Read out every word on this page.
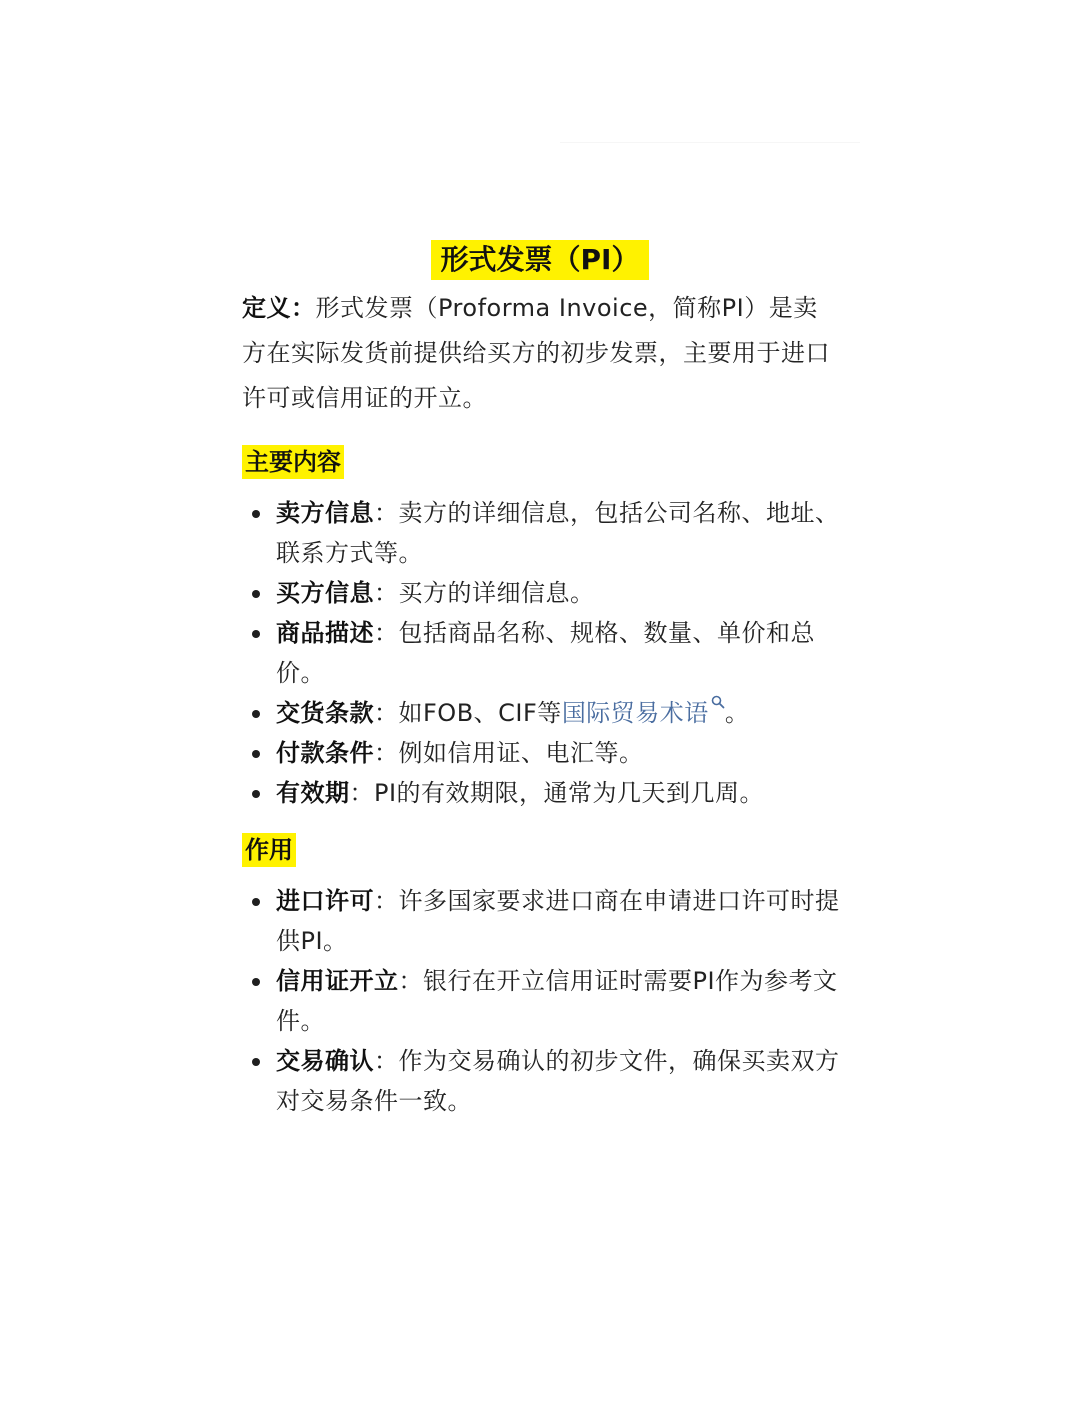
形式发票（PI）

定义：形式发票（Proforma Invoice，简称PI）是卖方在实际发货前提供给买方的初步发票，主要用于进口许可或信用证的开立。

主要内容
卖方信息：卖方的详细信息，包括公司名称、地址、联系方式等。
买方信息：买方的详细信息。
商品描述：包括商品名称、规格、数量、单价和总价。
交货条款：如FOB、CIF等国际贸易术语 。
付款条件：例如信用证、电汇等。
有效期：PI的有效期限，通常为几天到几周。
作用
进口许可：许多国家要求进口商在申请进口许可时提供PI。
信用证开立：银行在开立信用证时需要PI作为参考文件。
交易确认：作为交易确认的初步文件，确保买卖双方对交易条件一致。
